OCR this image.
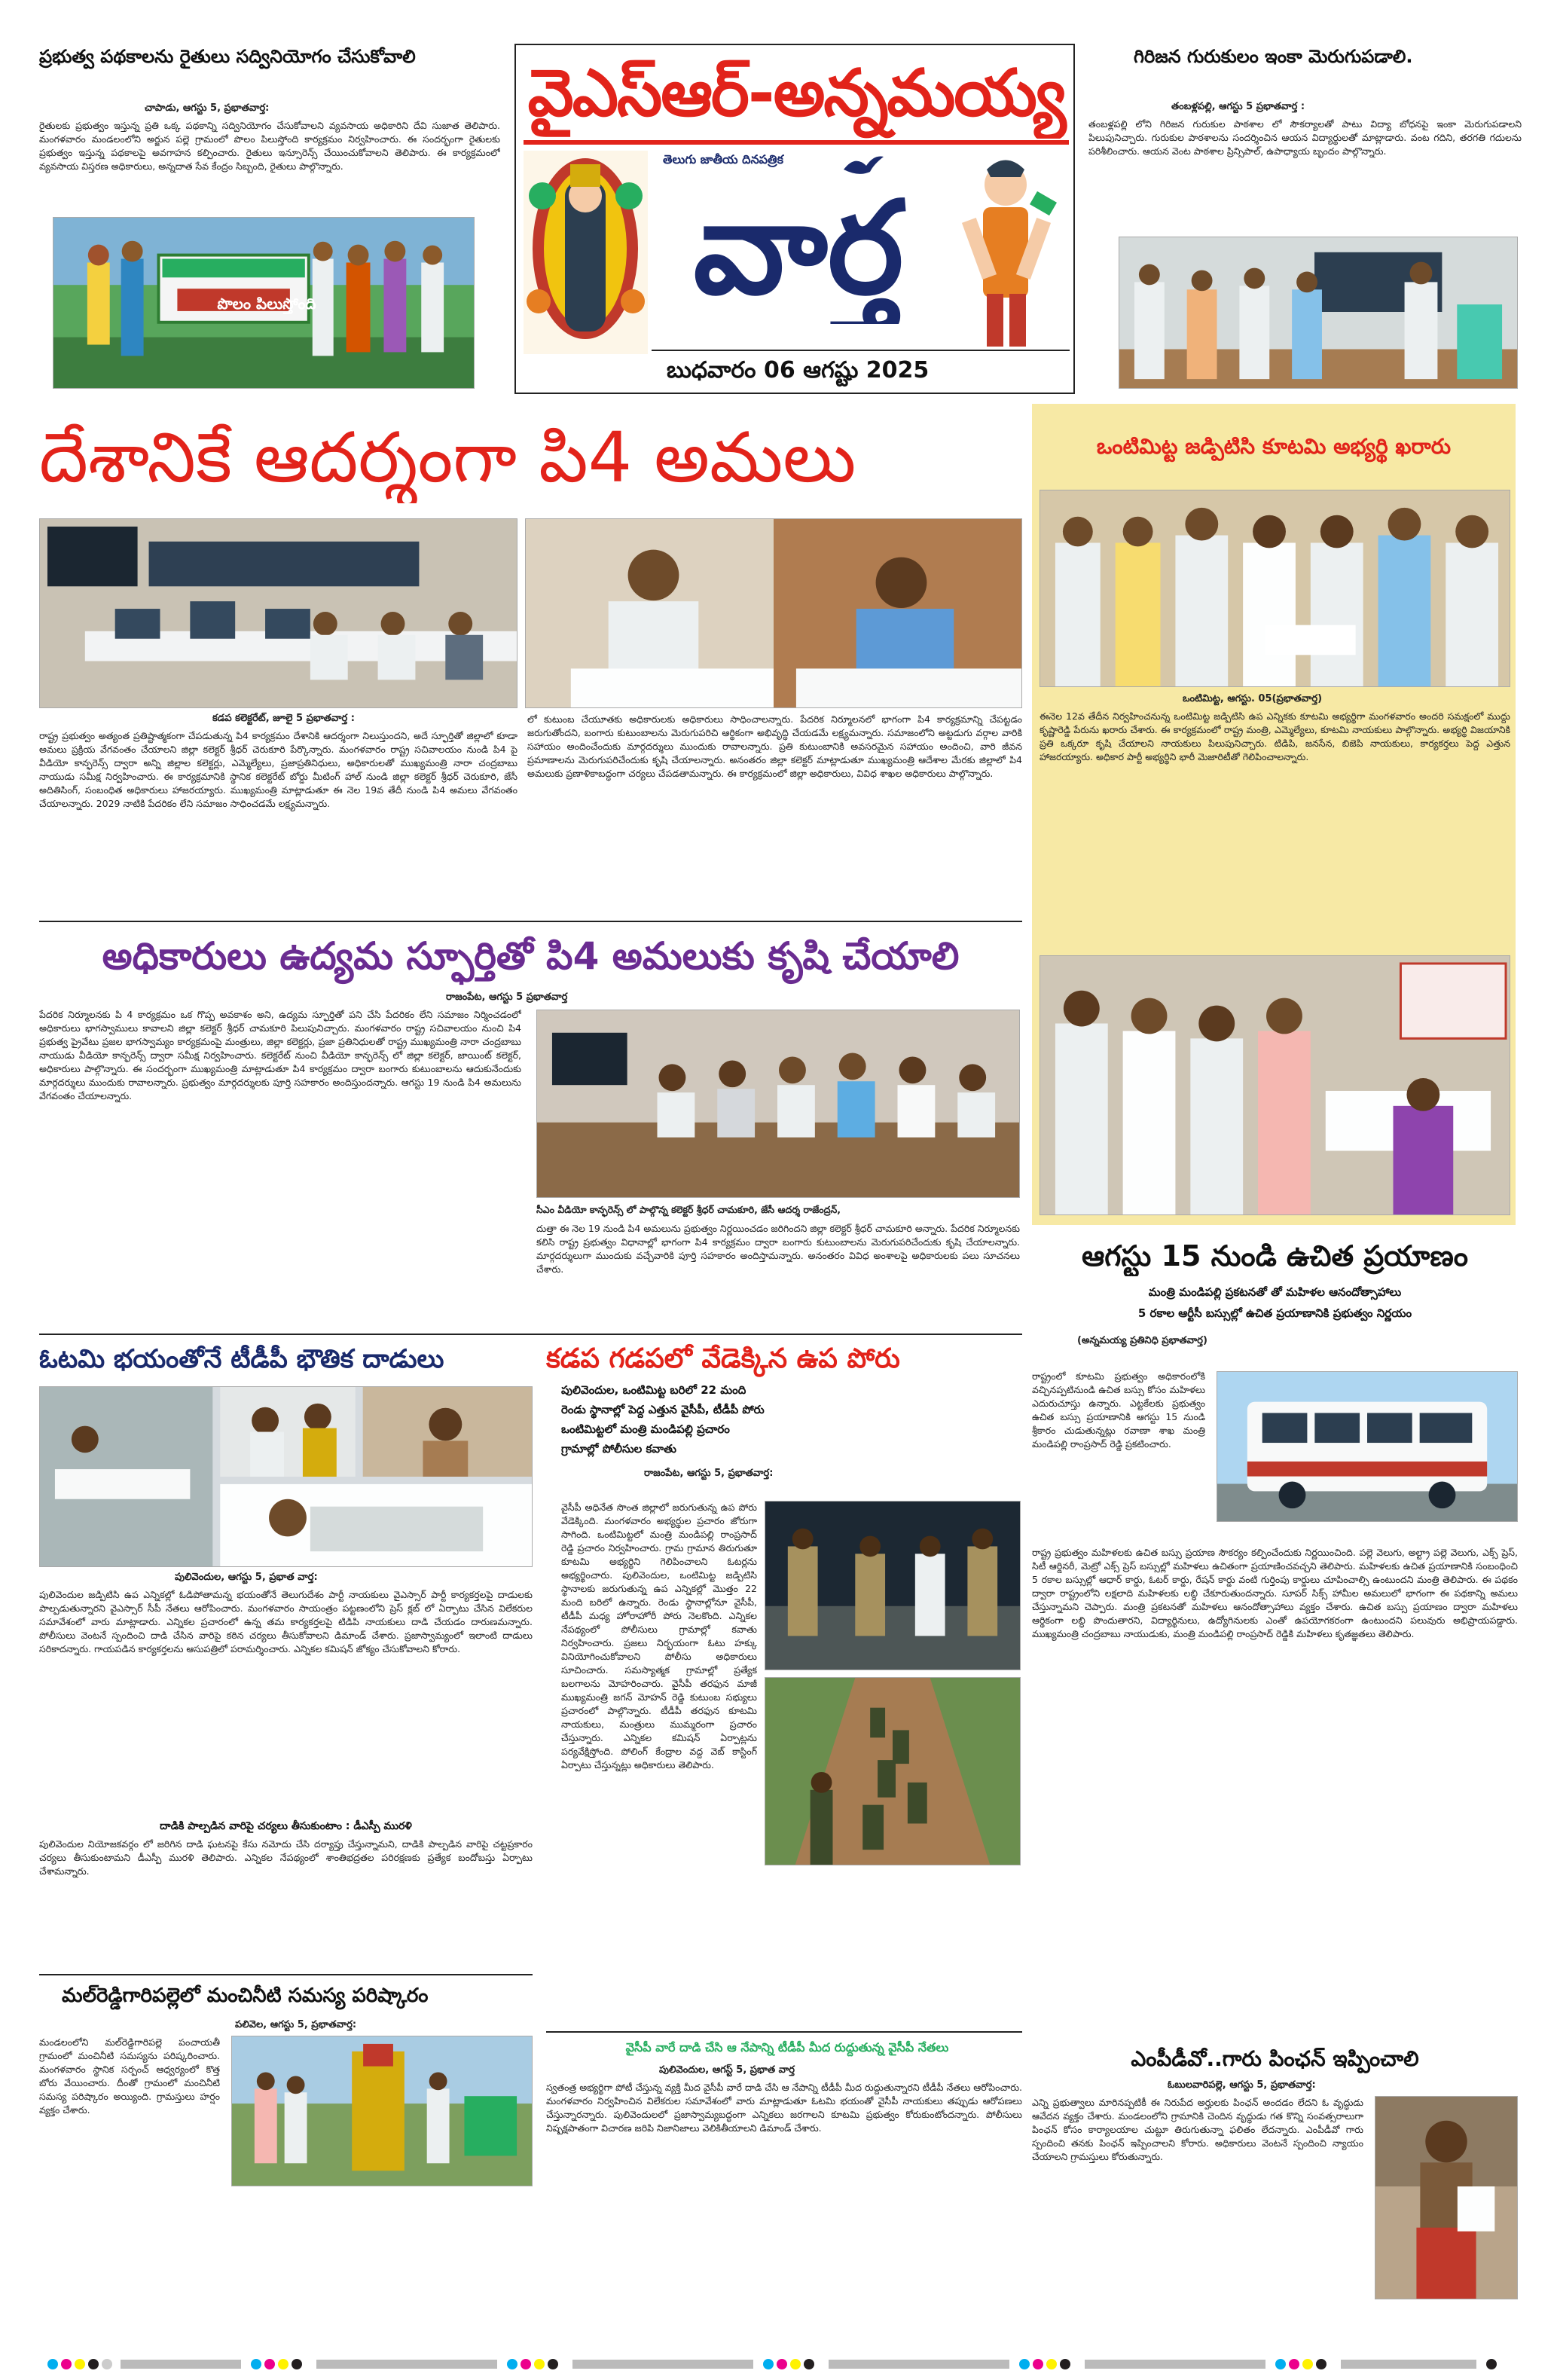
వైఎస్ఆర్-అన్నమయ్య
తెలుగు జాతీయ దినపత్రిక
వార్త
బుధవారం 06 ఆగష్టు 2025
ప్రభుత్వ పథకాలను రైతులు సద్వినియోగం చేసుకోవాలి
చాపాడు, ఆగస్టు 5, ప్రభాతవార్త:
రైతులకు ప్రభుత్వం ఇస్తున్న ప్రతి ఒక్క పథకాన్ని సద్వినియోగం చేసుకోవాలని వ్యవసాయ అధికారిని దేవి సుజాత తెలిపారు. మంగళవారం మండలంలోని అర్జున పల్లె గ్రామంలో పొలం పిలుస్తోంది కార్యక్రమం నిర్వహించారు. ఈ సందర్భంగా రైతులకు ప్రభుత్వం ఇస్తున్న పథకాలపై అవగాహన కల్పించారు. రైతులు ఇన్సూరెన్స్ చేయించుకోవాలని తెలిపారు. ఈ కార్యక్రమంలో వ్యవసాయ విస్తరణ అధికారులు, అన్నదాత సేవ కేంద్రం సిబ్బంది, రైతులు పాల్గొన్నారు.
పొలం పిలుస్తోంది
గిరిజన గురుకులం ఇంకా మెరుగుపడాలి.
తంబళ్లపల్లి, ఆగస్టు 5 ప్రభాతవార్త :
తంబళ్లపల్లి లోని గిరిజన గురుకుల పాఠశాల లో సౌకర్యాలతో పాటు విద్యా బోధనపై ఇంకా మెరుగుపడాలని పిలుపునిచ్చారు. గురుకుల పాఠశాలను సందర్శించిన ఆయన విద్యార్థులతో మాట్లాడారు. వంట గదిని, తరగతి గదులను పరిశీలించారు. ఆయన వెంట పాఠశాల ప్రిన్సిపాల్, ఉపాధ్యాయ బృందం పాల్గొన్నారు.
దేశానికే ఆదర్శంగా పి4 అమలు
కడప కలెక్టరేట్, జూలై 5 ప్రభాతవార్త :
రాష్ట్ర ప్రభుత్వం అత్యంత ప్రతిష్టాత్మకంగా చేపడుతున్న పి4 కార్యక్రమం దేశానికి ఆదర్శంగా నిలుస్తుందని, అదే స్ఫూర్తితో జిల్లాలో కూడా అమలు ప్రక్రియ వేగవంతం చేయాలని జిల్లా కలెక్టర్ శ్రీధర్ చెరుకూరి పేర్కొన్నారు. మంగళవారం రాష్ట్ర సచివాలయం నుండి పి4 పై వీడియో కాన్ఫరెన్స్ ద్వారా అన్ని జిల్లాల కలెక్టర్లు, ఎమ్మెల్యేలు, ప్రజాప్రతినిధులు, అధికారులతో ముఖ్యమంత్రి నారా చంద్రబాబు నాయుడు సమీక్ష నిర్వహించారు. ఈ కార్యక్రమానికి స్థానిక కలెక్టరేట్ బోర్డు మీటింగ్ హాల్ నుండి జిల్లా కలెక్టర్ శ్రీధర్ చెరుకూరి, జేసీ అదితిసింగ్, సంబంధిత అధికారులు హాజరయ్యారు. ముఖ్యమంత్రి మాట్లాడుతూ ఈ నెల 19వ తేదీ నుండి పి4 అమలు వేగవంతం చేయాలన్నారు. 2029 నాటికి పేదరికం లేని సమాజం సాధించడమే లక్ష్యమన్నారు.
లో కుటుంబ చేయూతకు అధికారులకు అధికారులు సాధించాలన్నారు. పేదరిక నిర్మూలనలో భాగంగా పి4 కార్యక్రమాన్ని చేపట్టడం జరుగుతోందని, బంగారు కుటుంబాలను మెరుగుపరిచి ఆర్థికంగా అభివృద్ధి చేయడమే లక్ష్యమన్నారు. సమాజంలోని అట్టడుగు వర్గాల వారికి సహాయం అందించేందుకు మార్గదర్శులు ముందుకు రావాలన్నారు. ప్రతి కుటుంబానికి అవసరమైన సహాయం అందించి, వారి జీవన ప్రమాణాలను మెరుగుపరిచేందుకు కృషి చేయాలన్నారు. అనంతరం జిల్లా కలెక్టర్ మాట్లాడుతూ ముఖ్యమంత్రి ఆదేశాల మేరకు జిల్లాలో పి4 అమలుకు ప్రణాళికాబద్ధంగా చర్యలు చేపడతామన్నారు. ఈ కార్యక్రమంలో జిల్లా అధికారులు, వివిధ శాఖల అధికారులు పాల్గొన్నారు.
ఒంటిమిట్ట జడ్పిటిసి కూటమి అభ్యర్థి ఖరారు
ఒంటిమిట్ట, ఆగస్టు. 05(ప్రభాతవార్త)
ఈనెల 12వ తేదీన నిర్వహించనున్న ఒంటిమిట్ట జడ్పిటిసి ఉప ఎన్నికకు కూటమి అభ్యర్థిగా మంగళవారం అందరి సమక్షంలో ముద్దు కృష్ణారెడ్డి పేరును ఖరారు చేశారు. ఈ కార్యక్రమంలో రాష్ట్ర మంత్రి, ఎమ్మెల్యేలు, కూటమి నాయకులు పాల్గొన్నారు. అభ్యర్థి విజయానికి ప్రతి ఒక్కరూ కృషి చేయాలని నాయకులు పిలుపునిచ్చారు. టిడిపి, జనసేన, బిజెపి నాయకులు, కార్యకర్తలు పెద్ద ఎత్తున హాజరయ్యారు. అధికార పార్టీ అభ్యర్థిని భారీ మెజారిటీతో గెలిపించాలన్నారు.
అధికారులు ఉద్యమ స్ఫూర్తితో పి4 అమలుకు కృషి చేయాలి
రాజంపేట, ఆగస్టు 5 ప్రభాతవార్త
పేదరిక నిర్మూలనకు పి 4 కార్యక్రమం ఒక గొప్ప అవకాశం అని, ఉద్యమ స్ఫూర్తితో పని చేసి పేదరికం లేని సమాజం నిర్మించడంలో అధికారులు భాగస్వాములు కావాలని జిల్లా కలెక్టర్ శ్రీధర్ చామకూరి పిలుపునిచ్చారు. మంగళవారం రాష్ట్ర సచివాలయం నుంచి పి4 ప్రభుత్వ ప్రైవేటు ప్రజల భాగస్వామ్యం కార్యక్రమంపై మంత్రులు, జిల్లా కలెక్టర్లు, ప్రజా ప్రతినిధులతో రాష్ట్ర ముఖ్యమంత్రి నారా చంద్రబాబు నాయుడు వీడియో కాన్ఫరెన్స్ ద్వారా సమీక్ష నిర్వహించారు. కలెక్టరేట్ నుంచి వీడియో కాన్ఫరెన్స్ లో జిల్లా కలెక్టర్, జాయింట్ కలెక్టర్, అధికారులు పాల్గొన్నారు. ఈ సందర్భంగా ముఖ్యమంత్రి మాట్లాడుతూ పి4 కార్యక్రమం ద్వారా బంగారు కుటుంబాలను ఆదుకునేందుకు మార్గదర్శులు ముందుకు రావాలన్నారు. ప్రభుత్వం మార్గదర్శులకు పూర్తి సహకారం అందిస్తుందన్నారు. ఆగస్టు 19 నుండి పి4 అమలును వేగవంతం చేయాలన్నారు.
సీఎం వీడియో కాన్ఫరెన్స్ లో పాల్గొన్న కలెక్టర్ శ్రీధర్ చామకూరి, జేసీ ఆదర్శ రాజేంద్రన్,
దుత్తా ఈ నెల 19 నుండి పి4 అమలును ప్రభుత్వం నిర్ణయించడం జరిగిందని జిల్లా కలెక్టర్ శ్రీధర్ చామకూరి అన్నారు. పేదరిక నిర్మూలనకు కలిసి రాష్ట్ర ప్రభుత్వం విధానాల్లో భాగంగా పి4 కార్యక్రమం ద్వారా బంగారు కుటుంబాలను మెరుగుపరిచేందుకు కృషి చేయాలన్నారు. మార్గదర్శులుగా ముందుకు వచ్చేవారికి పూర్తి సహకారం అందిస్తామన్నారు. అనంతరం వివిధ అంశాలపై అధికారులకు పలు సూచనలు చేశారు.	ఆగస్టు 15 నుండి ఉచిత ప్రయాణం
మంత్రి మండిపల్లి ప్రకటనతో తో మహిళల ఆనందోత్సాహాలు
5 రకాల ఆర్టీసీ బస్సుల్లో ఉచిత ప్రయాణానికి ప్రభుత్వం నిర్ణయం
(అన్నమయ్య ప్రతినిధి ప్రభాతవార్త)
రాష్ట్రంలో కూటమి ప్రభుత్వం అధికారంలోకి వచ్చినప్పటినుండి ఉచిత బస్సు కోసం మహిళలు ఎదురుచూస్తు ఉన్నారు. ఎట్టకేలకు ప్రభుత్వం ఉచిత బస్సు ప్రయాణానికి ఆగస్టు 15 నుండి శ్రీకారం చుడుతున్నట్లు రవాణా శాఖ మంత్రి మండిపల్లి రాంప్రసాద్ రెడ్డి ప్రకటించారు.
రాష్ట్ర ప్రభుత్వం మహిళలకు ఉచిత బస్సు ప్రయాణ సౌకర్యం కల్పించేందుకు నిర్ణయించింది. పల్లె వెలుగు, అల్ట్రా పల్లె వెలుగు, ఎక్స్ ప్రెస్, సిటీ ఆర్డినరీ, మెట్రో ఎక్స్ ప్రెస్ బస్సుల్లో మహిళలు ఉచితంగా ప్రయాణించవచ్చని తెలిపారు. మహిళలకు ఉచిత ప్రయాణానికి సంబంధించి 5 రకాల బస్సుల్లో ఆధార్ కార్డు, ఓటర్ కార్డు, రేషన్ కార్డు వంటి గుర్తింపు కార్డులు చూపించాల్సి ఉంటుందని మంత్రి తెలిపారు. ఈ పథకం ద్వారా రాష్ట్రంలోని లక్షలాది మహిళలకు లబ్ధి చేకూరుతుందన్నారు. సూపర్ సిక్స్ హామీల అమలులో భాగంగా ఈ పథకాన్ని అమలు చేస్తున్నామని చెప్పారు. మంత్రి ప్రకటనతో మహిళలు ఆనందోత్సాహాలు వ్యక్తం చేశారు. ఉచిత బస్సు ప్రయాణం ద్వారా మహిళలు ఆర్థికంగా లబ్ధి పొందుతారని, విద్యార్థినులు, ఉద్యోగినులకు ఎంతో ఉపయోగకరంగా ఉంటుందని పలువురు అభిప్రాయపడ్డారు. ముఖ్యమంత్రి చంద్రబాబు నాయుడుకు, మంత్రి మండిపల్లి రాంప్రసాద్ రెడ్డికి మహిళలు కృతజ్ఞతలు తెలిపారు.
ఓటమి భయంతోనే టీడీపీ భౌతిక దాడులు
పులివెందుల, ఆగస్టు 5, ప్రభాత వార్త:
పులివెందుల జడ్పిటిసి ఉప ఎన్నికల్లో ఓడిపోతామన్న భయంతోనే తెలుగుదేశం పార్టీ నాయకులు వైఎస్సార్ పార్టీ కార్యకర్తలపై దాడులకు పాల్పడుతున్నారని వైఎస్సార్ సీపీ నేతలు ఆరోపించారు. మంగళవారం సాయంత్రం పట్టణంలోని ప్రెస్ క్లబ్ లో ఏర్పాటు చేసిన విలేకరుల సమావేశంలో వారు మాట్లాడారు. ఎన్నికల ప్రచారంలో ఉన్న తమ కార్యకర్తలపై టిడిపి నాయకులు దాడి చేయడం దారుణమన్నారు. పోలీసులు వెంటనే స్పందించి దాడి చేసిన వారిపై కఠిన చర్యలు తీసుకోవాలని డిమాండ్ చేశారు. ప్రజాస్వామ్యంలో ఇలాంటి దాడులు సరికాదన్నారు. గాయపడిన కార్యకర్తలను ఆసుపత్రిలో పరామర్శించారు. ఎన్నికల కమిషన్ జోక్యం చేసుకోవాలని కోరారు.
దాడికి పాల్పడిన వారిపై చర్యలు తీసుకుంటాం : డీఎస్పీ మురళి
పులివెందుల నియోజకవర్గం లో జరిగిన దాడి ఘటనపై కేసు నమోదు చేసి దర్యాప్తు చేస్తున్నామని, దాడికి పాల్పడిన వారిపై చట్టప్రకారం చర్యలు తీసుకుంటామని డీఎస్పీ మురళి తెలిపారు. ఎన్నికల నేపథ్యంలో శాంతిభద్రతల పరిరక్షణకు ప్రత్యేక బందోబస్తు ఏర్పాటు చేశామన్నారు.
మల్‌రెడ్డిగారిపల్లెలో మంచినీటి సమస్య పరిష్కారం
పలివెల, ఆగస్టు 5, ప్రభాతవార్త:
మండలంలోని మల్‌రెడ్డిగారిపల్లె పంచాయతీ గ్రామంలో మంచినీటి సమస్యను పరిష్కరించారు. మంగళవారం స్థానిక సర్పంచ్ ఆధ్వర్యంలో కొత్త బోరు వేయించారు. దీంతో గ్రామంలో మంచినీటి సమస్య పరిష్కారం అయ్యింది. గ్రామస్తులు హర్షం వ్యక్తం చేశారు.
కడప గడపలో వేడెక్కిన ఉప పోరు
పులివెందుల, ఒంటిమిట్ట బరిలో 22 మంది
రెండు స్థానాల్లో పెద్ద ఎత్తున వైసీపీ, టీడీపీ పోరు
ఒంటిమిట్టలో మంత్రి మండిపల్లి ప్రచారం
గ్రామాల్లో పోలీసుల కవాతు
రాజంపేట, ఆగస్టు 5, ప్రభాతవార్త:
వైసీపీ అధినేత సొంత జిల్లాలో జరుగుతున్న ఉప పోరు వేడెక్కింది. మంగళవారం అభ్యర్థుల ప్రచారం జోరుగా సాగింది. ఒంటిమిట్టలో మంత్రి మండిపల్లి రాంప్రసాద్ రెడ్డి ప్రచారం నిర్వహించారు. గ్రామ గ్రామాన తిరుగుతూ కూటమి అభ్యర్థిని గెలిపించాలని ఓటర్లను అభ్యర్థించారు. పులివెందుల, ఒంటిమిట్ట జడ్పిటిసి స్థానాలకు జరుగుతున్న ఉప ఎన్నికల్లో మొత్తం 22 మంది బరిలో ఉన్నారు. రెండు స్థానాల్లోనూ వైసీపీ, టీడీపీ మధ్య హోరాహోరీ పోరు నెలకొంది. ఎన్నికల నేపథ్యంలో పోలీసులు గ్రామాల్లో కవాతు నిర్వహించారు. ప్రజలు నిర్భయంగా ఓటు హక్కు వినియోగించుకోవాలని పోలీసు అధికారులు సూచించారు. సమస్యాత్మక గ్రామాల్లో ప్రత్యేక బలగాలను మోహరించారు. వైసీపీ తరఫున మాజీ ముఖ్యమంత్రి జగన్ మోహన్ రెడ్డి కుటుంబ సభ్యులు ప్రచారంలో పాల్గొన్నారు. టీడీపీ తరఫున కూటమి నాయకులు, మంత్రులు ముమ్మరంగా ప్రచారం చేస్తున్నారు. ఎన్నికల కమిషన్ ఏర్పాట్లను పర్యవేక్షిస్తోంది. పోలింగ్ కేంద్రాల వద్ద వెబ్ కాస్టింగ్ ఏర్పాటు చేస్తున్నట్లు అధికారులు తెలిపారు.
వైసీపీ వారే దాడి చేసి ఆ నేపాన్ని టీడీపీ మీద రుద్దుతున్న వైసీపీ నేతలు
పులివెందుల, ఆగస్ట్ 5, ప్రభాత వార్త
స్వతంత్ర అభ్యర్థిగా పోటీ చేస్తున్న వ్యక్తి మీద వైసీపీ వారే దాడి చేసి ఆ నేపాన్ని టీడీపీ మీద రుద్దుతున్నారని టీడీపీ నేతలు ఆరోపించారు. మంగళవారం నిర్వహించిన విలేకరుల సమావేశంలో వారు మాట్లాడుతూ ఓటమి భయంతో వైసీపీ నాయకులు తప్పుడు ఆరోపణలు చేస్తున్నారన్నారు. పులివెందులలో ప్రజాస్వామ్యబద్ధంగా ఎన్నికలు జరగాలని కూటమి ప్రభుత్వం కోరుకుంటోందన్నారు. పోలీసులు నిష్పక్షపాతంగా విచారణ జరిపి నిజానిజాలు వెలికితీయాలని డిమాండ్ చేశారు.
ఎంపీడీవో..గారు పింఛన్ ఇప్పించాలి
ఓబులవారిపల్లె, ఆగస్టు 5, ప్రభాతవార్త:
ఎన్ని ప్రభుత్వాలు మారినప్పటికీ ఈ నిరుపేద అర్హులకు పింఛన్ అందడం లేదని ఓ వృద్ధుడు ఆవేదన వ్యక్తం చేశారు. మండలంలోని గ్రామానికి చెందిన వృద్ధుడు గత కొన్ని సంవత్సరాలుగా పింఛన్ కోసం కార్యాలయాల చుట్టూ తిరుగుతున్నా ఫలితం లేదన్నారు. ఎంపీడీవో గారు స్పందించి తనకు పింఛన్ ఇప్పించాలని కోరారు. అధికారులు వెంటనే స్పందించి న్యాయం చేయాలని గ్రామస్తులు కోరుతున్నారు.
